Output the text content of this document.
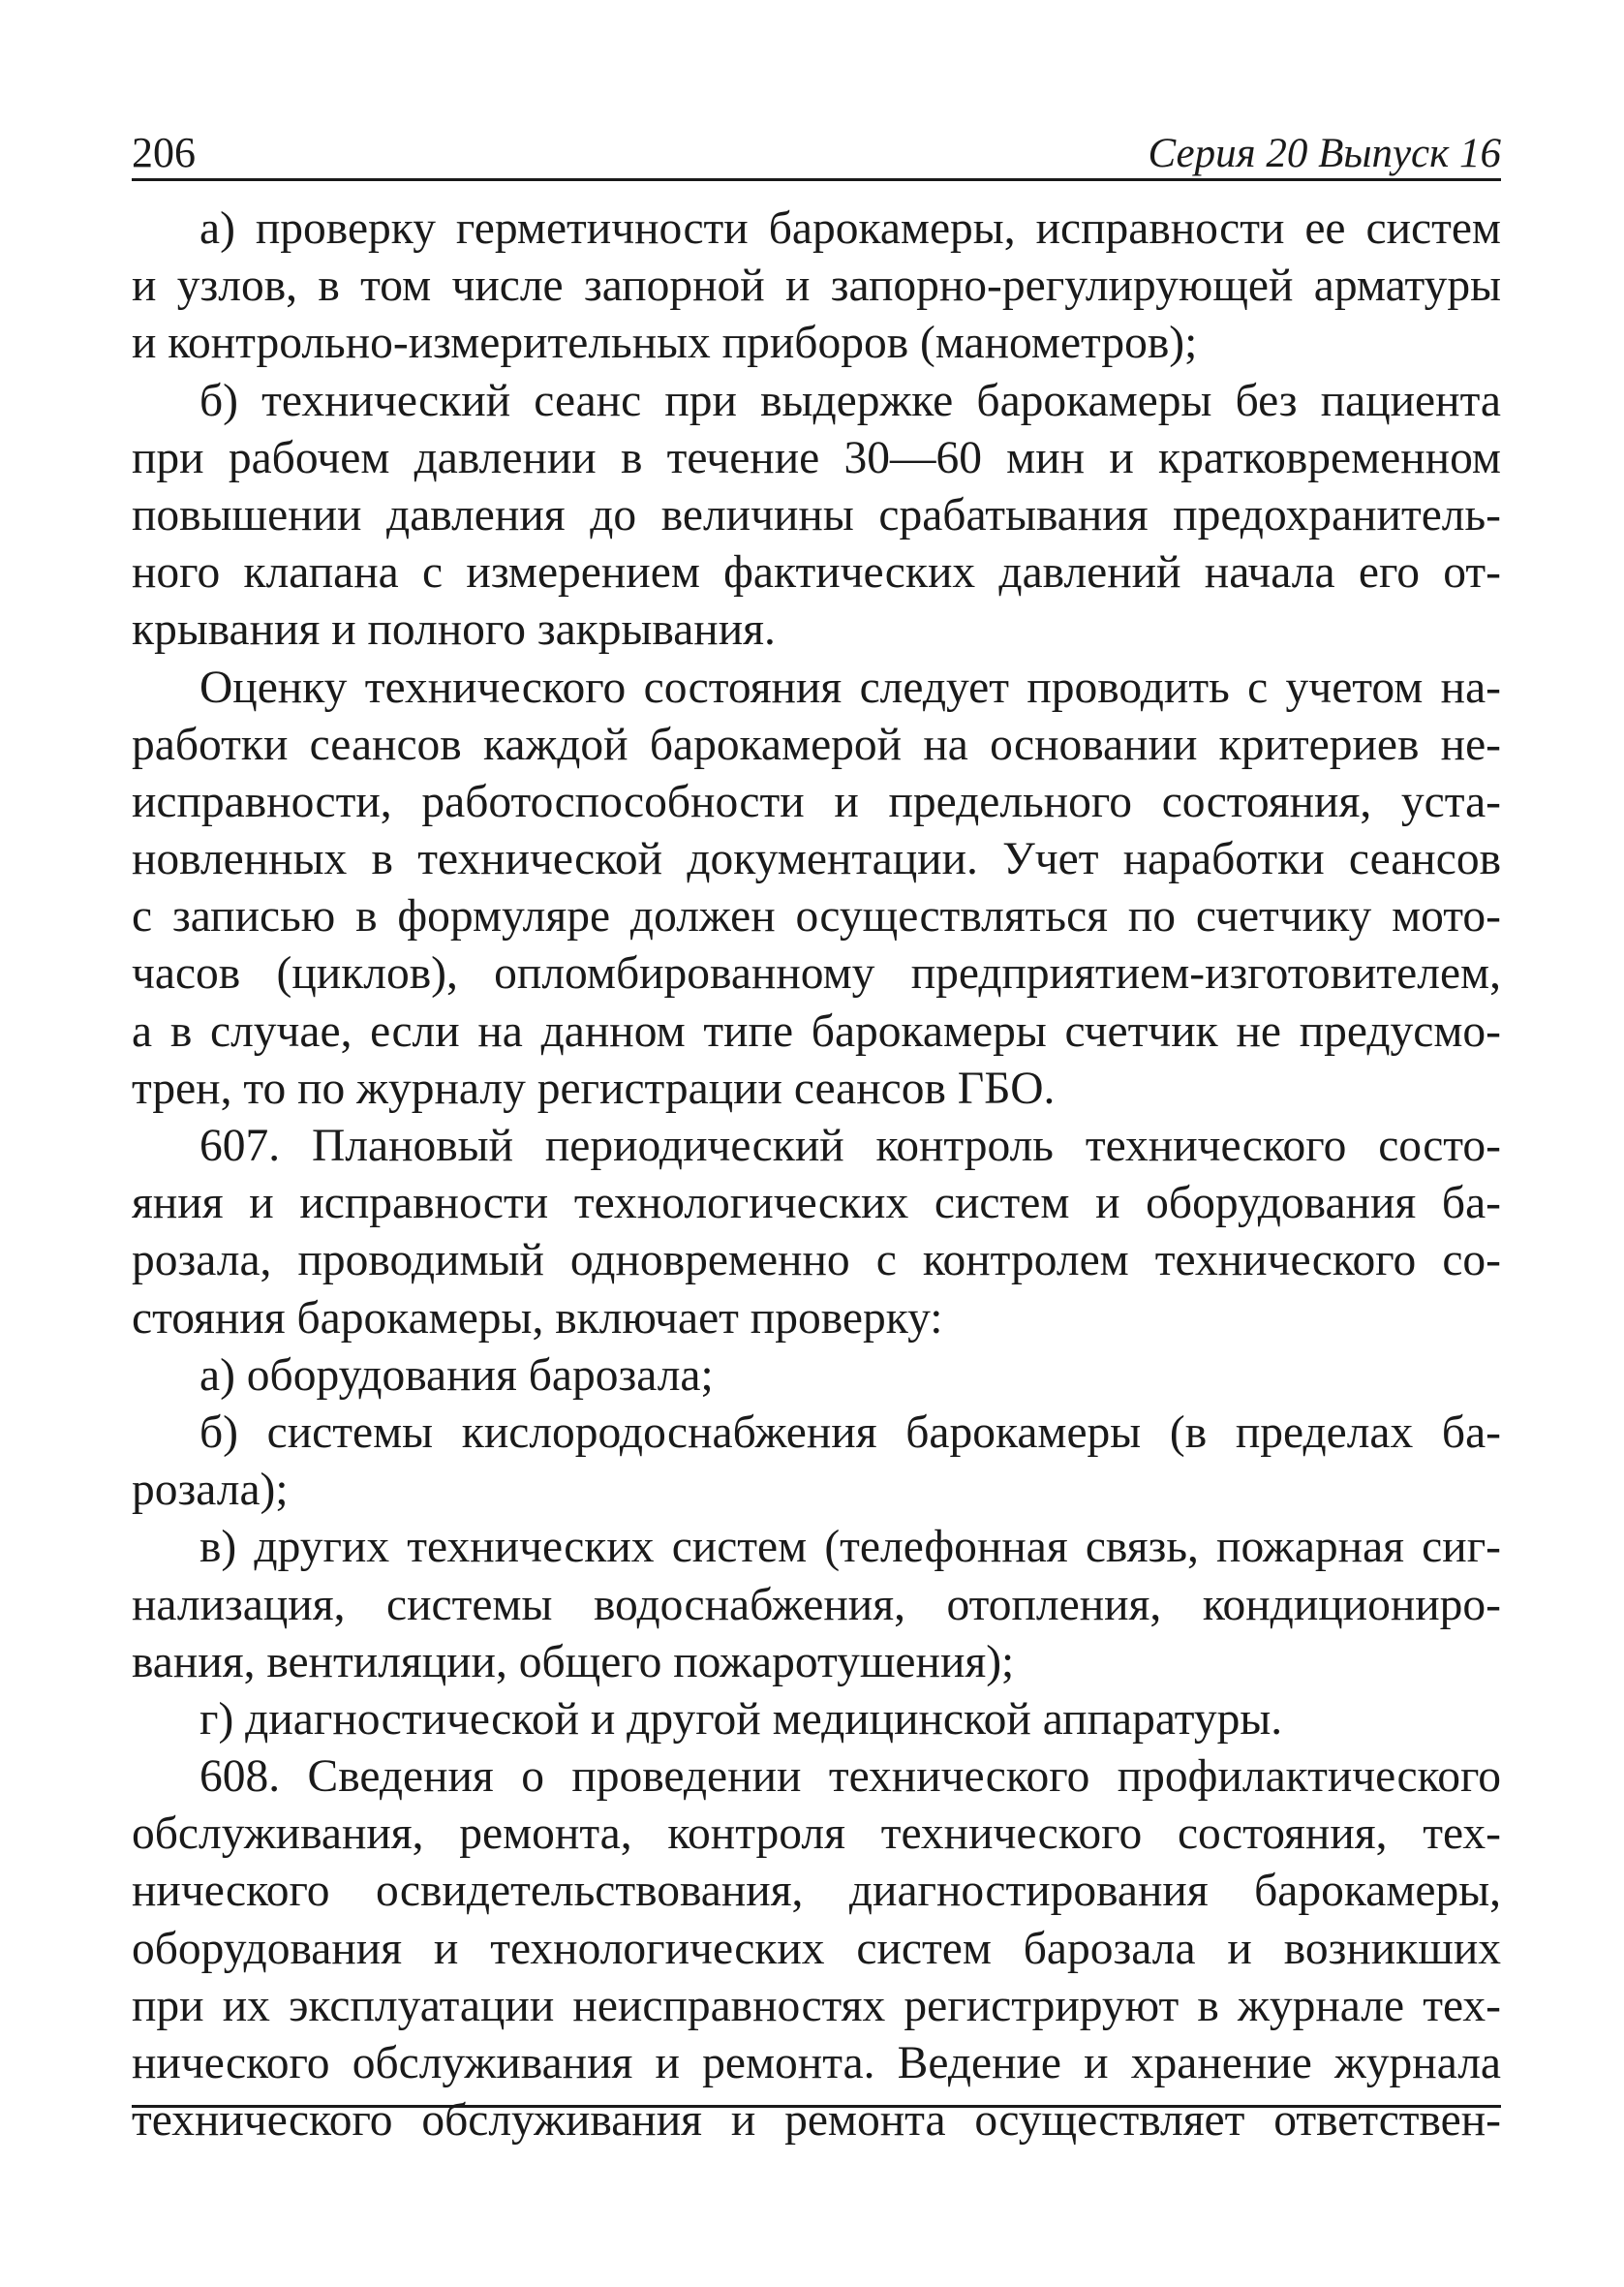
206	Серия 20 Выпуск 16
а) проверку герметичности барокамеры, исправности ее систем
и узлов, в том числе запорной и запорно-регулирующей арматуры
и контрольно-измерительных приборов (манометров);
б) технический сеанс при выдержке барокамеры без пациента
при рабочем давлении в течение 30—60 мин и кратковременном
повышении давления до величины срабатывания предохранитель-
ного клапана с измерением фактических давлений начала его от-
крывания и полного закрывания.
Оценку технического состояния следует проводить с учетом на-
работки сеансов каждой барокамерой на основании критериев не-
исправности, работоспособности и предельного состояния, уста-
новленных в технической документации. Учет наработки сеансов
с записью в формуляре должен осуществляться по счетчику мото-
часов (циклов), опломбированному предприятием-изготовителем,
а в случае, если на данном типе барокамеры счетчик не предусмо-
трен, то по журналу регистрации сеансов ГБО.
607. Плановый периодический контроль технического состо-
яния и исправности технологических систем и оборудования ба-
розала, проводимый одновременно с контролем технического со-
стояния барокамеры, включает проверку:
а) оборудования барозала;
б) системы кислородоснабжения барокамеры (в пределах ба-
розала);
в) других технических систем (телефонная связь, пожарная сиг-
нализация, системы водоснабжения, отопления, кондициониро-
вания, вентиляции, общего пожаротушения);
г) диагностической и другой медицинской аппаратуры.
608. Сведения о проведении технического профилактического
обслуживания, ремонта, контроля технического состояния, тех-
нического освидетельствования, диагностирования барокамеры,
оборудования и технологических систем барозала и возникших
при их эксплуатации неисправностях регистрируют в журнале тех-
нического обслуживания и ремонта. Ведение и хранение журнала
технического обслуживания и ремонта осуществляет ответствен-
